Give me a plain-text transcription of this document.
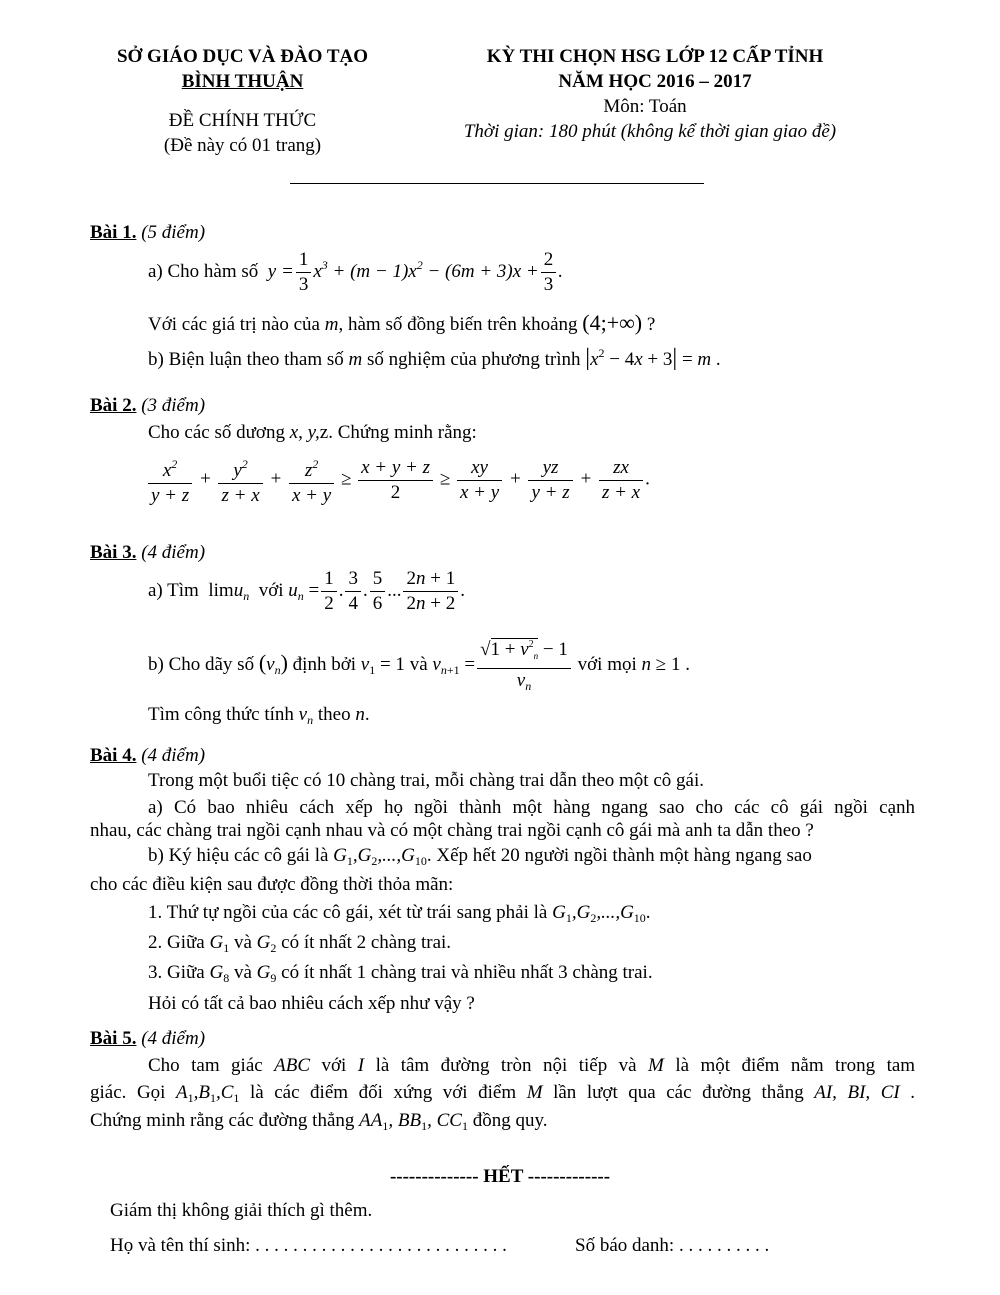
SỞ GIÁO DỤC VÀ ĐÀO TẠO
BÌNH THUẬN
ĐỀ CHÍNH THỨC
(Đề này có 01 trang)
KỲ THI CHỌN HSG LỚP 12 CẤP TỈNH
NĂM HỌC 2016 – 2017
Môn: Toán
Thời gian: 180 phút (không kể thời gian giao đề)
Bài 1. (5 điểm)
a) Cho hàm số  $y = \frac{1}{3} x^3 + (m - 1)x^2 - (6m + 3)x + \frac{2}{3}$ .
Với các giá trị nào của m, hàm số đồng biến trên khoảng (4;+∞) ?
b) Biện luận theo tham số m số nghiệm của phương trình $|x^2 - 4x + 3| = m$ .
Bài 2. (3 điểm)
Cho các số dương x, y,z. Chứng minh rằng:
$\frac{x^2}{y + z} + \frac{y^2}{z + x} + \frac{z^2}{x + y} \ge \frac{x + y + z}{2} \ge \frac{xy}{x + y} + \frac{yz}{y + z} + \frac{zx}{z + x}$ .
Bài 3. (4 điểm)
a) Tìm  limu$_n$ với $u_n = \frac{1}{2}$ . $\frac{3}{4}$ . $\frac{5}{6}$ ... $\frac{2n + 1}{2n + 2}$ .
b) Cho dãy số $(v_n)$ định bởi $v_1 = 1$ và $v_{n+1} = \frac{√1 + v^2_n - 1}{v_n}$ với mọi n ≥ 1 .
Tìm công thức tính $v_n$ theo n.
Bài 4. (4 điểm)
Trong một buổi tiệc có 10 chàng trai, mỗi chàng trai dẫn theo một cô gái.
a) Có bao nhiêu cách xếp họ ngồi thành một hàng ngang sao cho các cô gái ngồi cạnh
nhau, các chàng trai ngồi cạnh nhau và có một chàng trai ngồi cạnh cô gái mà anh ta dẫn theo ?
b) Ký hiệu các cô gái là $G_1,G_2,...,G_{10}$. Xếp hết 20 người ngồi thành một hàng ngang sao
cho các điều kiện sau được đồng thời thỏa mãn:
1. Thứ tự ngồi của các cô gái, xét từ trái sang phải là $G_1,G_2,...,G_{10}$.
2. Giữa $G_1$ và $G_2$ có ít nhất 2 chàng trai.
3. Giữa $G_8$ và $G_9$ có ít nhất 1 chàng trai và nhiều nhất 3 chàng trai.
Hỏi có tất cả bao nhiêu cách xếp như vậy ?
Bài 5. (4 điểm)
Cho tam giác ABC với I là tâm đường tròn nội tiếp và M là một điểm nằm trong tam
giác. Gọi $A_1,B_1,C_1$ là các điểm đối xứng với điểm M lần lượt qua các đường thẳng AI, BI, CI .
Chứng minh rằng các đường thẳng $AA_1$, $BB_1$, $CC_1$ đồng quy.
-------------- HẾT -------------
Giám thị không giải thích gì thêm.
Họ và tên thí sinh: . . . . . . . . . . . . . . . . . . . . . . . . . . .	Số báo danh: . . . . . . . . . .
